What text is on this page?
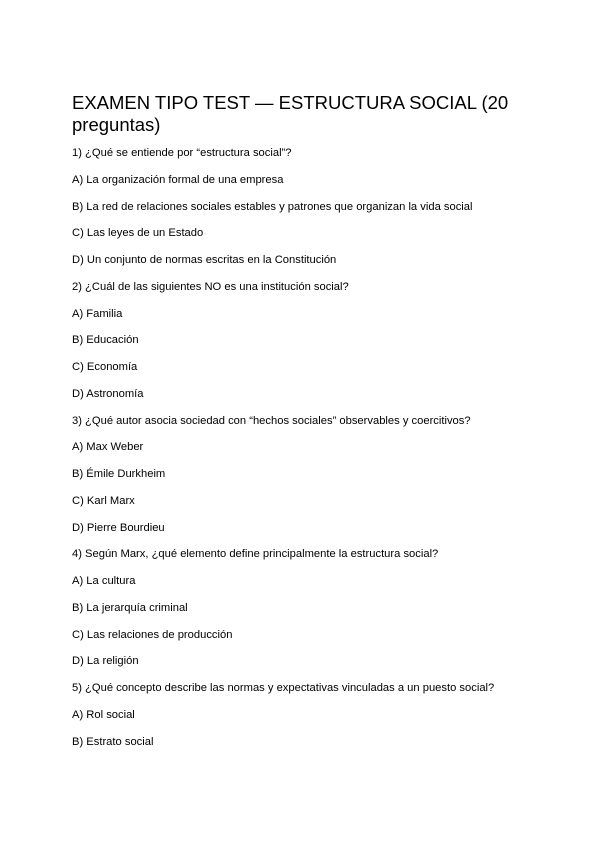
EXAMEN TIPO TEST — ESTRUCTURA SOCIAL (20 preguntas)

1) ¿Qué se entiende por “estructura social”?

A) La organización formal de una empresa

B) La red de relaciones sociales estables y patrones que organizan la vida social

C) Las leyes de un Estado

D) Un conjunto de normas escritas en la Constitución

2) ¿Cuál de las siguientes NO es una institución social?

A) Familia

B) Educación

C) Economía

D) Astronomía

3) ¿Qué autor asocia sociedad con “hechos sociales” observables y coercitivos?

A) Max Weber

B) Émile Durkheim

C) Karl Marx

D) Pierre Bourdieu

4) Según Marx, ¿qué elemento define principalmente la estructura social?

A) La cultura

B) La jerarquía criminal

C) Las relaciones de producción

D) La religión

5) ¿Qué concepto describe las normas y expectativas vinculadas a un puesto social?

A) Rol social

B) Estrato social
